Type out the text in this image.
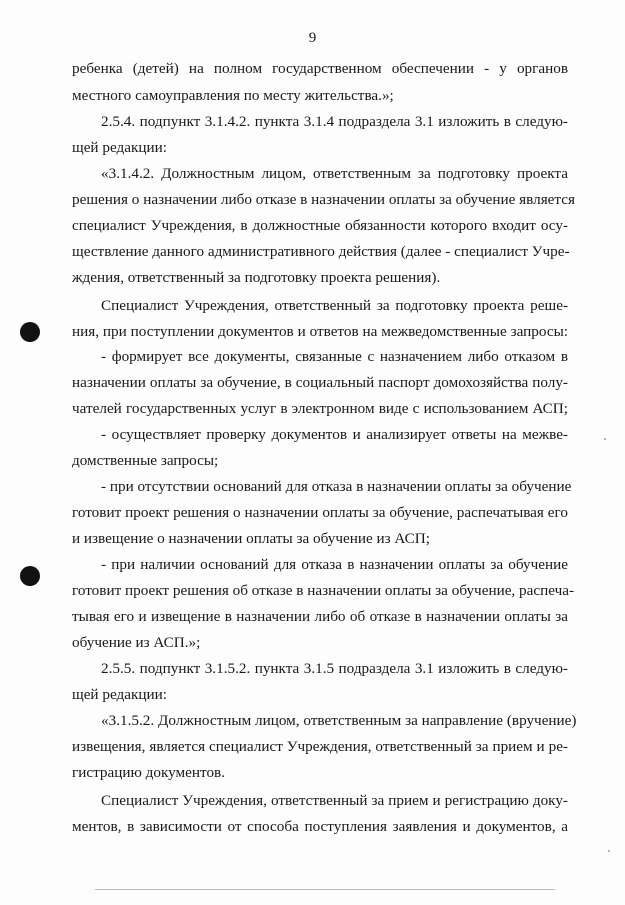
9
ребенка (детей) на полном государственном обеспечении - у органов
местного самоуправления по месту жительства.»;
2.5.4. подпункт 3.1.4.2. пункта 3.1.4 подраздела 3.1 изложить в следую-
щей редакции:
«3.1.4.2. Должностным лицом, ответственным за подготовку проекта
решения о назначении либо отказе в назначении оплаты за обучение является
специалист Учреждения, в должностные обязанности которого входит осу-
ществление данного административного действия (далее - специалист Учре-
ждения, ответственный за подготовку проекта решения).
Специалист Учреждения, ответственный за подготовку проекта реше-
ния, при поступлении документов и ответов на межведомственные запросы:
- формирует все документы, связанные с назначением либо отказом в
назначении оплаты за обучение, в социальный паспорт домохозяйства полу-
чателей государственных услуг в электронном виде с использованием АСП;
- осуществляет проверку документов и анализирует ответы на межве-
домственные запросы;
- при отсутствии оснований для отказа в назначении оплаты за обучение
готовит проект решения о назначении оплаты за обучение, распечатывая его
и извещение о назначении оплаты за обучение из АСП;
- при наличии оснований для отказа в назначении оплаты за обучение
готовит проект решения об отказе в назначении оплаты за обучение, распеча-
тывая его и извещение в назначении либо об отказе в назначении оплаты за
обучение из АСП.»;
2.5.5. подпункт 3.1.5.2. пункта 3.1.5 подраздела 3.1 изложить в следую-
щей редакции:
«3.1.5.2. Должностным лицом, ответственным за направление (вручение)
извещения, является специалист Учреждения, ответственный за прием и ре-
гистрацию документов.
Специалист Учреждения, ответственный за прием и регистрацию доку-
ментов, в зависимости от способа поступления заявления и документов, а
